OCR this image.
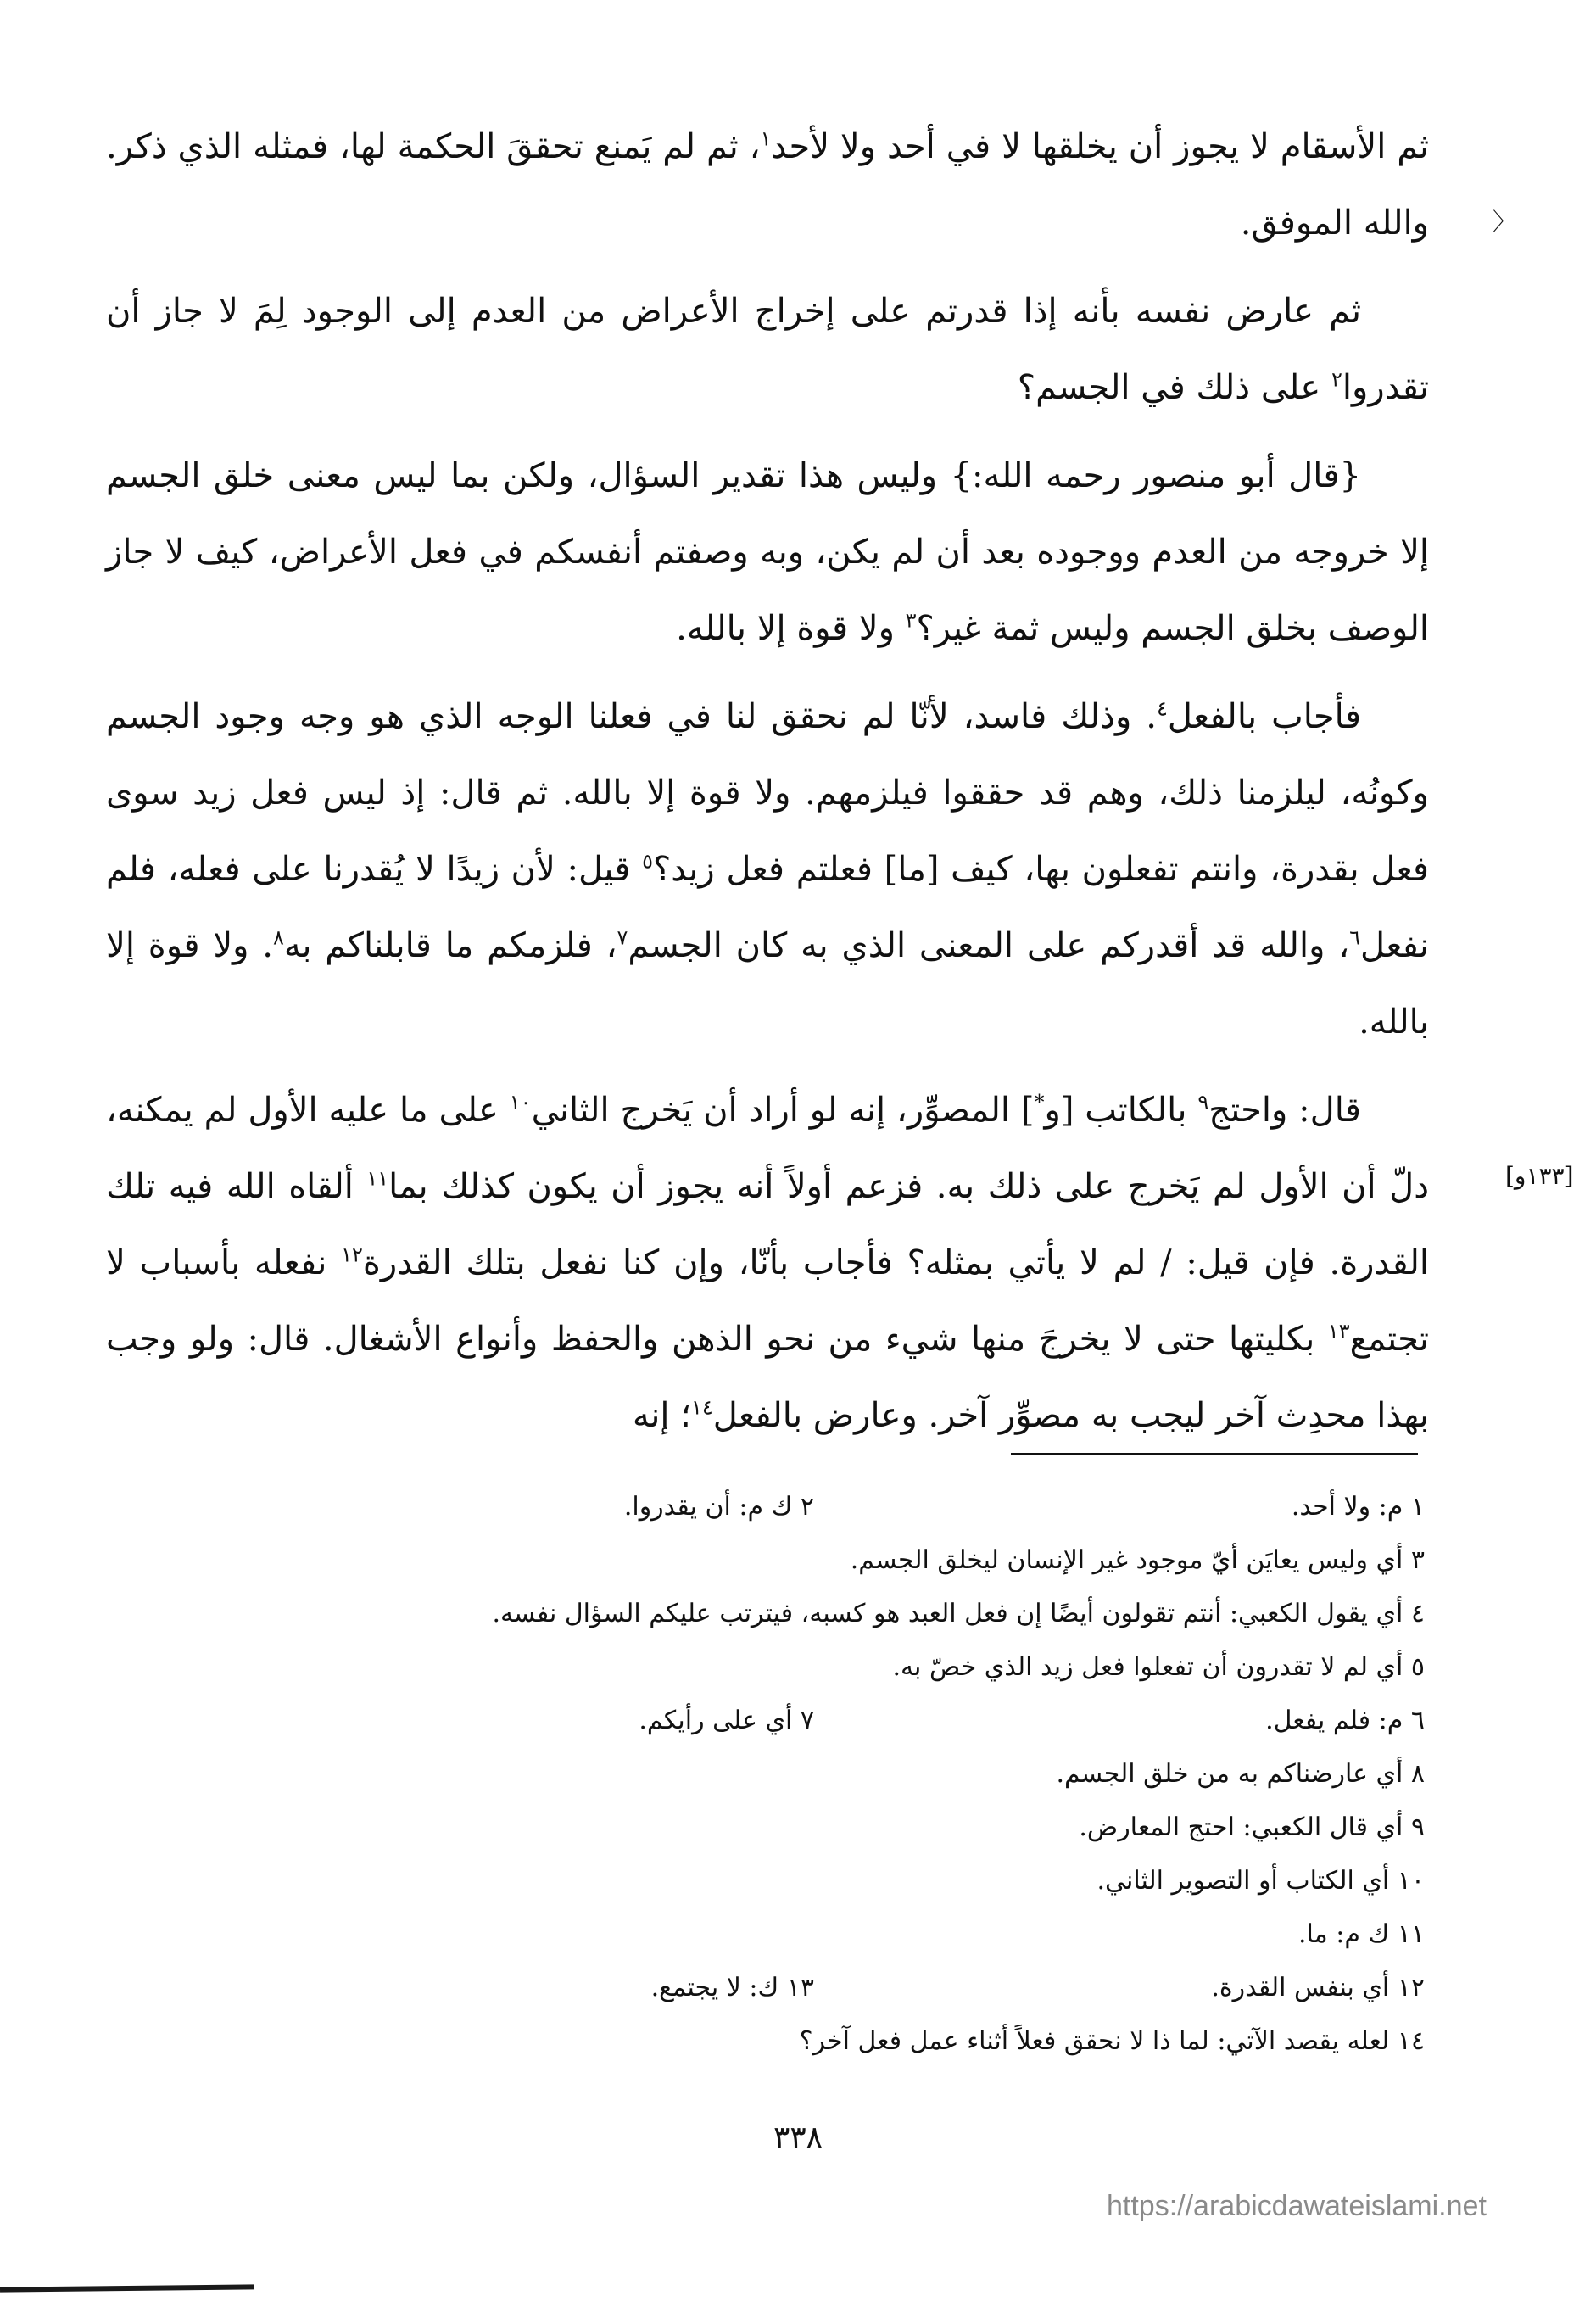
ثم الأسقام لا يجوز أن يخلقها لا في أحد ولا لأحد$^١$، ثم لم يَمنع تحققَ الحكمة لها، فمثله الذي ذكر. والله الموفق.

ثم عارض نفسه بأنه إذا قدرتم على إخراج الأعراض من العدم إلى الوجود لِمَ لا جاز أن تقدروا$^٢$ على ذلك في الجسم؟

{قال أبو منصور رحمه الله:} وليس هذا تقدير السؤال، ولكن بما ليس معنى خلق الجسم إلا خروجه من العدم ووجوده بعد أن لم يكن، وبه وصفتم أنفسكم في فعل الأعراض، كيف لا جاز الوصف بخلق الجسم وليس ثمة غير؟$^٣$ ولا قوة إلا بالله.

فأجاب بالفعل$^٤$. وذلك فاسد، لأنّا لم نحقق لنا في فعلنا الوجه الذي هو وجه وجود الجسم وكونُه، ليلزمنا ذلك، وهم قد حققوا فيلزمهم. ولا قوة إلا بالله. ثم قال: إذ ليس فعل زيد سوى فعل بقدرة، وانتم تفعلون بها، كيف [ما] فعلتم فعل زيد؟$^٥$ قيل: لأن زيدًا لا يُقدرنا على فعله، فلم نفعل$^٦$، والله قد أقدركم على المعنى الذي به كان الجسم$^٧$، فلزمكم ما قابلناكم به$^٨$. ولا قوة إلا بالله.

قال: واحتج$^٩$ بالكاتب [و*] المصوِّر، إنه لو أراد أن يَخرج الثاني$^{١٠}$ على ما عليه الأول لم يمكنه، دلّ أن الأول لم يَخرج على ذلك به. فزعم أولاً أنه يجوز أن يكون كذلك بما$^{١١}$ ألقاه الله فيه تلك القدرة. فإن قيل: / لم لا يأتي بمثله؟ فأجاب بأنّا، وإن كنا نفعل بتلك القدرة$^{١٢}$ نفعله بأسباب لا تجتمع$^{١٣}$ بكليتها حتى لا يخرجَ منها شيء من نحو الذهن والحفظ وأنواع الأشغال. قال: ولو وجب بهذا محدِث آخر ليجب به مصوِّر آخر. وعارض بالفعل$^{١٤}$؛ إنه

〈
[١٣٣و]
١ م: ولا أحد.
٢ ك م: أن يقدروا.
٣ أي وليس يعايَن أيّ موجود غير الإنسان ليخلق الجسم.
٤ أي يقول الكعبي: أنتم تقولون أيضًا إن فعل العبد هو كسبه، فيترتب عليكم السؤال نفسه.
٥ أي لم لا تقدرون أن تفعلوا فعل زيد الذي خصّ به.
٦ م: فلم يفعل.
٧ أي على رأيكم.
٨ أي عارضناكم به من خلق الجسم.
٩ أي قال الكعبي: احتج المعارض.
١٠ أي الكتاب أو التصوير الثاني.
١١ ك م: ما.
١٢ أي بنفس القدرة.
١٣ ك: لا يجتمع.
١٤ لعله يقصد الآتي: لما ذا لا نحقق فعلاً أثناء عمل فعل آخر؟
٣٣٨
https://arabicdawateislami.net
